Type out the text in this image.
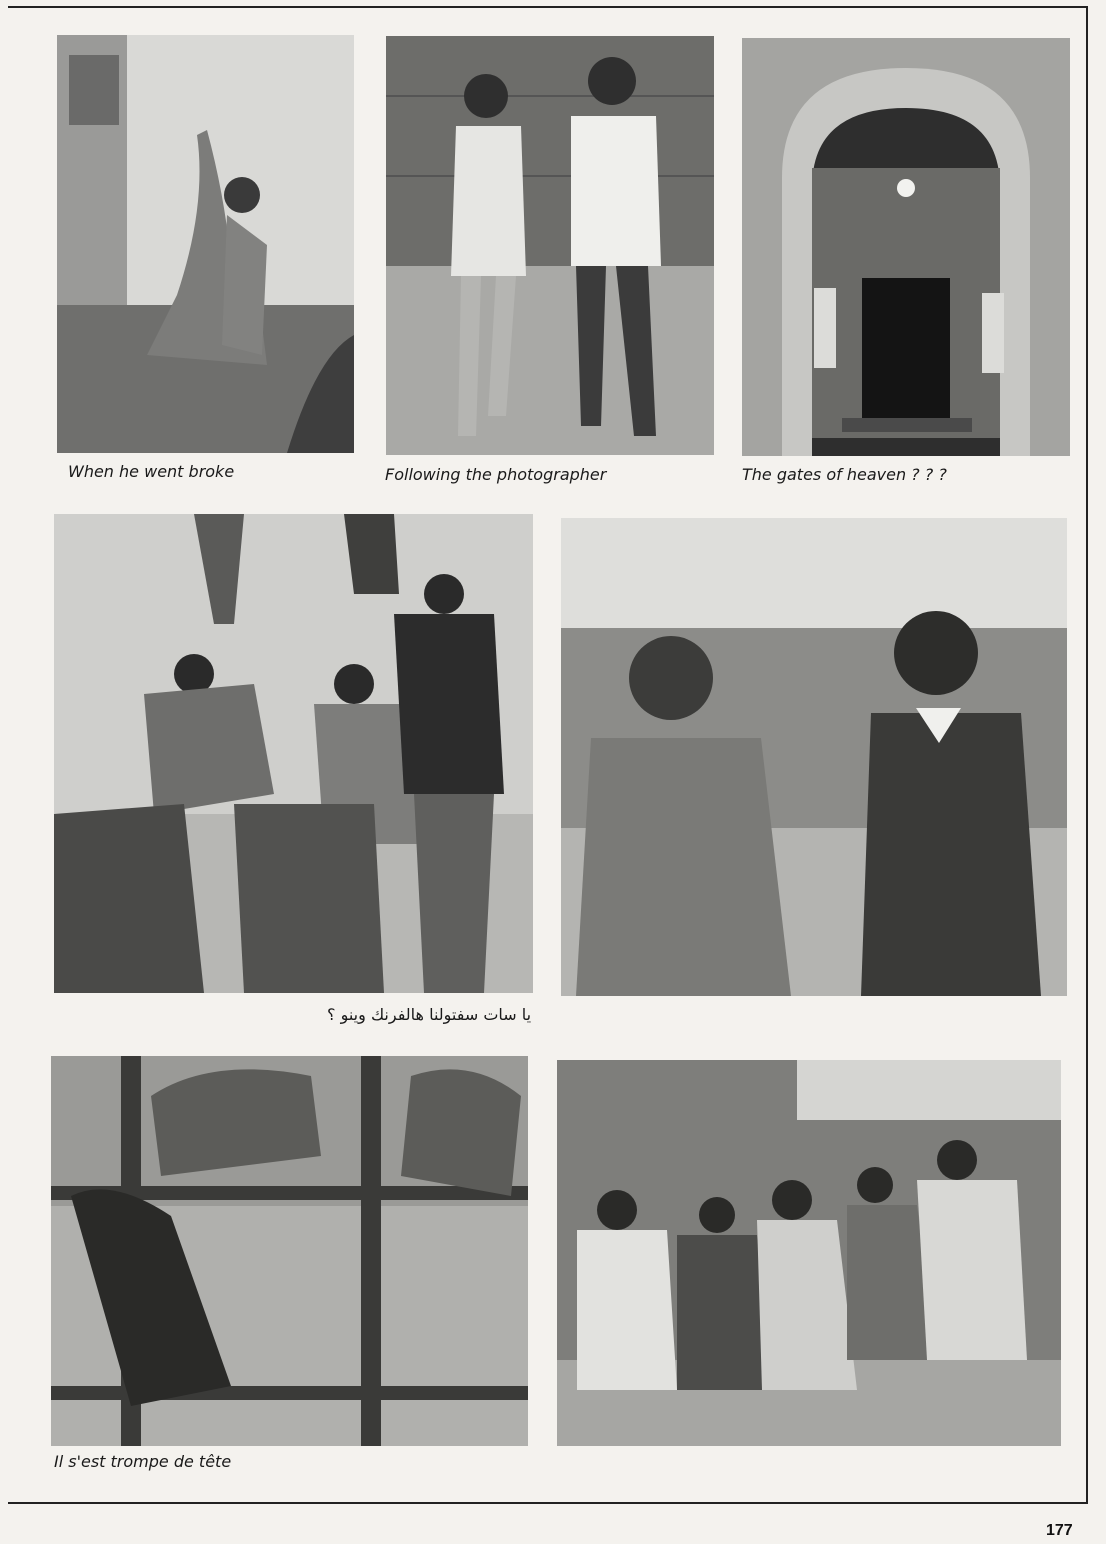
When he went broke	Following the photographer	The gates of heaven ? ? ?
يا سات سفتولنا هالفرنك وينو ؟
Il s'est trompe de tête
177
